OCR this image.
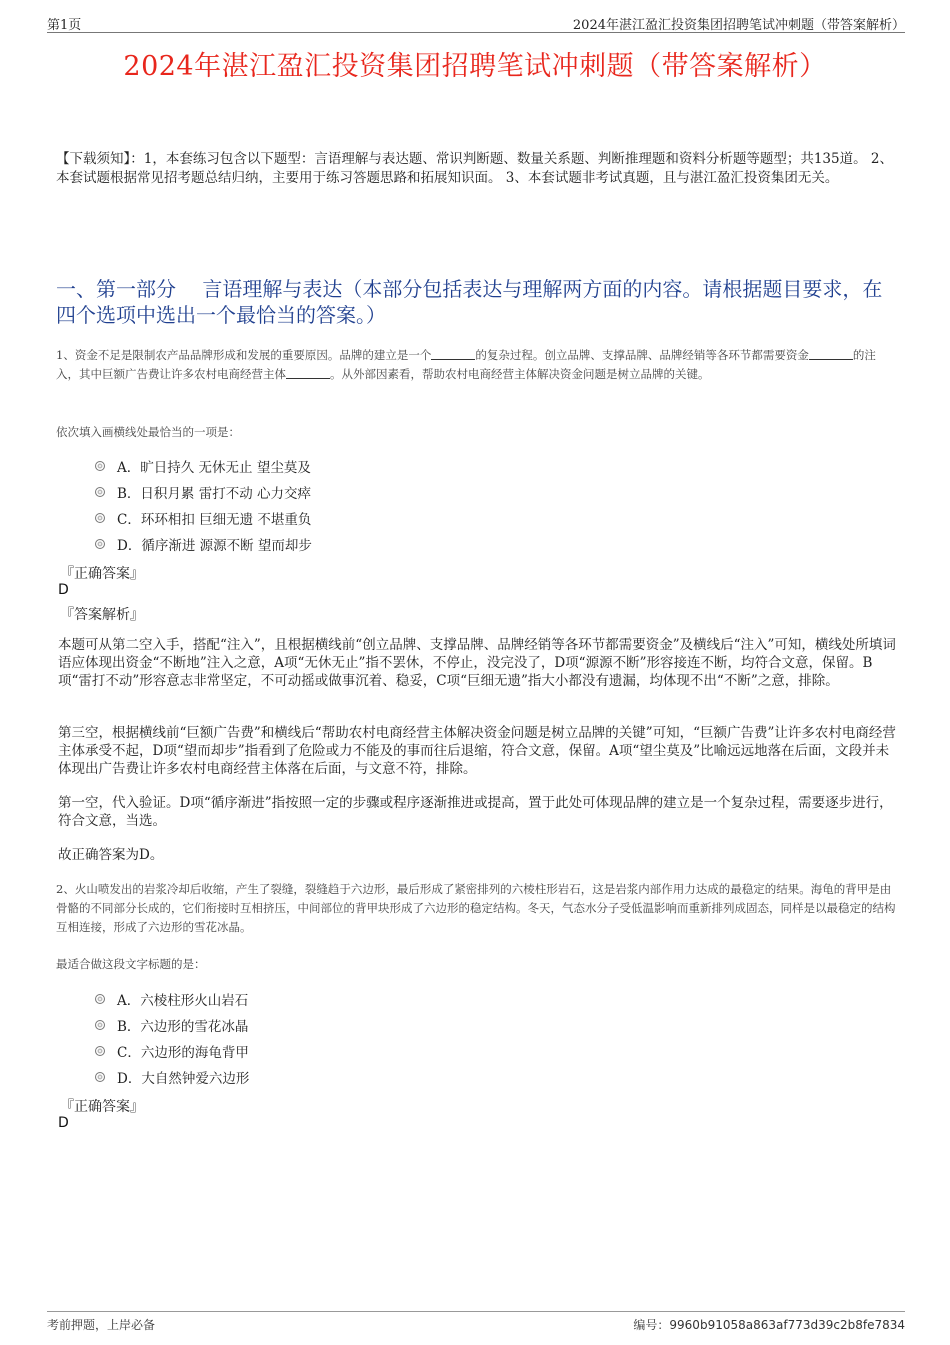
第1页	2024年湛江盈汇投资集团招聘笔试冲刺题（带答案解析）
2024年湛江盈汇投资集团招聘笔试冲刺题（带答案解析）
【下载须知】：1，本套练习包含以下题型：言语理解与表达题、常识判断题、数量关系题、判断推理题和资料分析题等题型；共135道。 2、本套试题根据常见招考题总结归纳，主要用于练习答题思路和拓展知识面。 3、本套试题非考试真题，且与湛江盈汇投资集团无关。
一、第一部分　 言语理解与表达（本部分包括表达与理解两方面的内容。请根据题目要求，在四个选项中选出一个最恰当的答案。）
1、资金不足是限制农产品品牌形成和发展的重要原因。品牌的建立是一个	的复杂过程。创立品牌、支撑品牌、品牌经销等各环节都需要资金	的注入，其中巨额广告费让许多农村电商经营主体	。从外部因素看，帮助农村电商经营主体解决资金问题是树立品牌的关键。
依次填入画横线处最恰当的一项是：
A．旷日持久 无休无止 望尘莫及
B．日积月累 雷打不动 心力交瘁
C．环环相扣 巨细无遗 不堪重负
D．循序渐进 源源不断 望而却步
『正确答案』
D
『答案解析』
本题可从第二空入手，搭配“注入”，且根据横线前“创立品牌、支撑品牌、品牌经销等各环节都需要资金”及横线后“注入”可知，横线处所填词语应体现出资金“不断地”注入之意，A项“无休无止”指不罢休，不停止，没完没了，D项“源源不断”形容接连不断，均符合文意，保留。B项“雷打不动”形容意志非常坚定，不可动摇或做事沉着、稳妥，C项“巨细无遗”指大小都没有遗漏，均体现不出“不断”之意，排除。
第三空，根据横线前“巨额广告费”和横线后“帮助农村电商经营主体解决资金问题是树立品牌的关键”可知，“巨额广告费”让许多农村电商经营主体承受不起，D项“望而却步”指看到了危险或力不能及的事而往后退缩，符合文意，保留。A项“望尘莫及”比喻远远地落在后面，文段并未体现出广告费让许多农村电商经营主体落在后面，与文意不符，排除。
第一空，代入验证。D项“循序渐进”指按照一定的步骤或程序逐渐推进或提高，置于此处可体现品牌的建立是一个复杂过程，需要逐步进行，符合文意，当选。
故正确答案为D。
2、火山喷发出的岩浆冷却后收缩，产生了裂缝，裂缝趋于六边形，最后形成了紧密排列的六棱柱形岩石，这是岩浆内部作用力达成的最稳定的结果。海龟的背甲是由骨骼的不同部分长成的，它们衔接时互相挤压，中间部位的背甲块形成了六边形的稳定结构。冬天，气态水分子受低温影响而重新排列成固态，同样是以最稳定的结构互相连接，形成了六边形的雪花冰晶。
最适合做这段文字标题的是：
A．六棱柱形火山岩石
B．六边形的雪花冰晶
C．六边形的海龟背甲
D．大自然钟爱六边形
『正确答案』
D
考前押题，上岸必备	编号：9960b91058a863af773d39c2b8fe7834
